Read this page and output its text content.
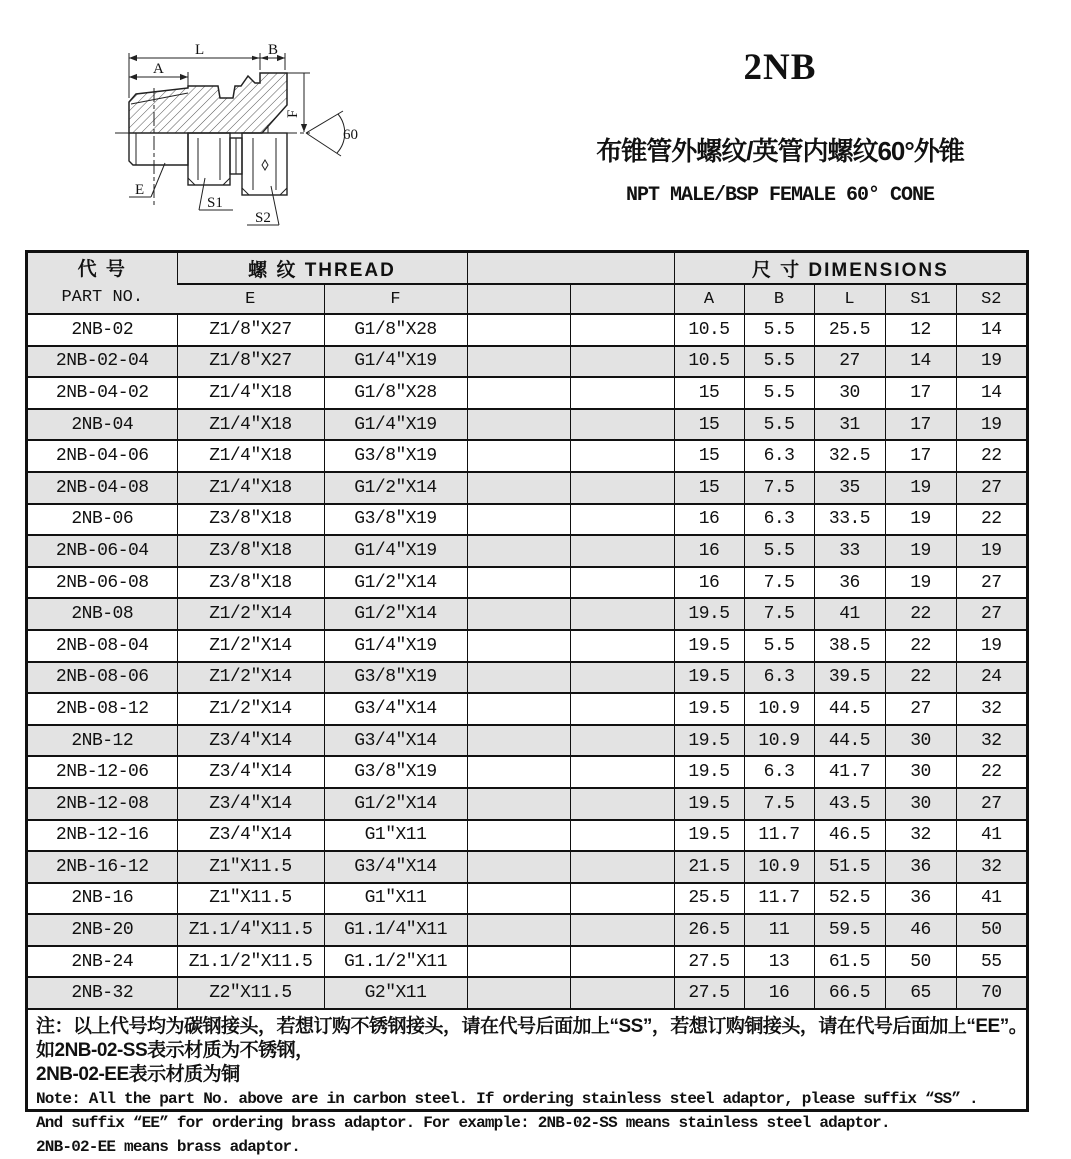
L	B
A
F
60
E
S1
S2
2NB
布锥管外螺纹/英管内螺纹60°外锥
NPT MALE/BSP FEMALE 60° CONE
代 号
PART NO.	螺 纹 THREAD				尺 寸 DIMENSIONS				
	E	F			A	B	L	S1	S2
2NB-02	Z1/8″X27	G1/8″X28			10.5	5.5	25.5	12	14
2NB-02-04	Z1/8″X27	G1/4″X19			10.5	5.5	27	14	19
2NB-04-02	Z1/4″X18	G1/8″X28			15	5.5	30	17	14
2NB-04	Z1/4″X18	G1/4″X19			15	5.5	31	17	19
2NB-04-06	Z1/4″X18	G3/8″X19			15	6.3	32.5	17	22
2NB-04-08	Z1/4″X18	G1/2″X14			15	7.5	35	19	27
2NB-06	Z3/8″X18	G3/8″X19			16	6.3	33.5	19	22
2NB-06-04	Z3/8″X18	G1/4″X19			16	5.5	33	19	19
2NB-06-08	Z3/8″X18	G1/2″X14			16	7.5	36	19	27
2NB-08	Z1/2″X14	G1/2″X14			19.5	7.5	41	22	27
2NB-08-04	Z1/2″X14	G1/4″X19			19.5	5.5	38.5	22	19
2NB-08-06	Z1/2″X14	G3/8″X19			19.5	6.3	39.5	22	24
2NB-08-12	Z1/2″X14	G3/4″X14			19.5	10.9	44.5	27	32
2NB-12	Z3/4″X14	G3/4″X14			19.5	10.9	44.5	30	32
2NB-12-06	Z3/4″X14	G3/8″X19			19.5	6.3	41.7	30	22
2NB-12-08	Z3/4″X14	G1/2″X14			19.5	7.5	43.5	30	27
2NB-12-16	Z3/4″X14	G1″X11			19.5	11.7	46.5	32	41
2NB-16-12	Z1″X11.5	G3/4″X14			21.5	10.9	51.5	36	32
2NB-16	Z1″X11.5	G1″X11			25.5	11.7	52.5	36	41
2NB-20	Z1.1/4″X11.5	G1.1/4″X11			26.5	11	59.5	46	50
2NB-24	Z1.1/2″X11.5	G1.1/2″X11			27.5	13	61.5	50	55
2NB-32	Z2″X11.5	G2″X11			27.5	16	66.5	65	70
注：以上代号均为碳钢接头，若想订购不锈钢接头，请在代号后面加上“SS”，若想订购铜接头，请在代号后面加上“EE”。
如2NB-02-SS表示材质为不锈钢，
2NB-02-EE表示材质为铜
Note: All the part No. above are in carbon steel. If ordering stainless steel adaptor, please suffix “SS” .
And suffix “EE” for ordering brass adaptor. For example: 2NB-02-SS means stainless steel adaptor.
2NB-02-EE means brass adaptor.
